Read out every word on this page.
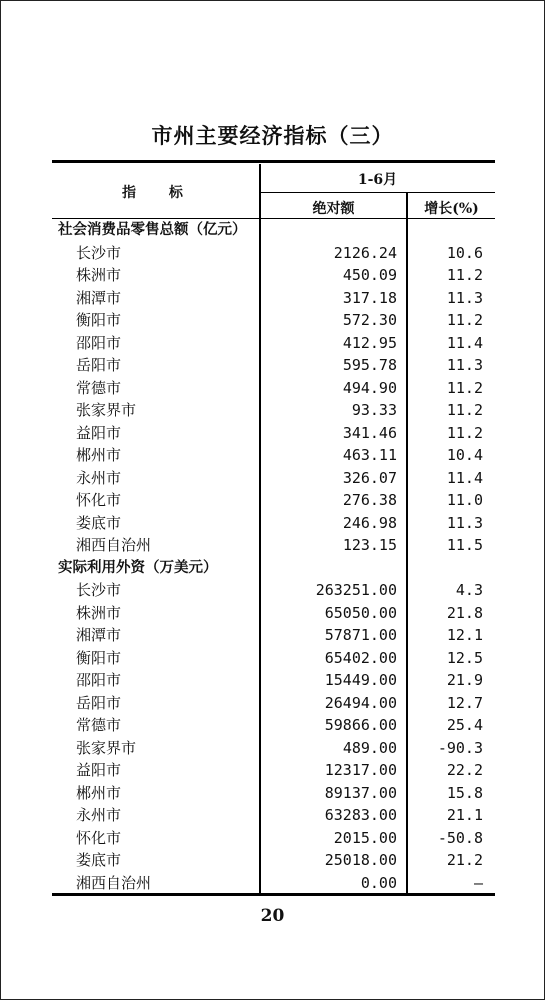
市州主要经济指标（三）
指 标
1-6月
绝对额	增长(%)
社会消费品零售总额（亿元）
长沙市	2126.24	10.6
株洲市	450.09	11.2
湘潭市	317.18	11.3
衡阳市	572.30	11.2
邵阳市	412.95	11.4
岳阳市	595.78	11.3
常德市	494.90	11.2
张家界市	93.33	11.2
益阳市	341.46	11.2
郴州市	463.11	10.4
永州市	326.07	11.4
怀化市	276.38	11.0
娄底市	246.98	11.3
湘西自治州	123.15	11.5
实际利用外资（万美元）
长沙市	263251.00	4.3
株洲市	65050.00	21.8
湘潭市	57871.00	12.1
衡阳市	65402.00	12.5
邵阳市	15449.00	21.9
岳阳市	26494.00	12.7
常德市	59866.00	25.4
张家界市	489.00	-90.3
益阳市	12317.00	22.2
郴州市	89137.00	15.8
永州市	63283.00	21.1
怀化市	2015.00	-50.8
娄底市	25018.00	21.2
湘西自治州	0.00	—
20
